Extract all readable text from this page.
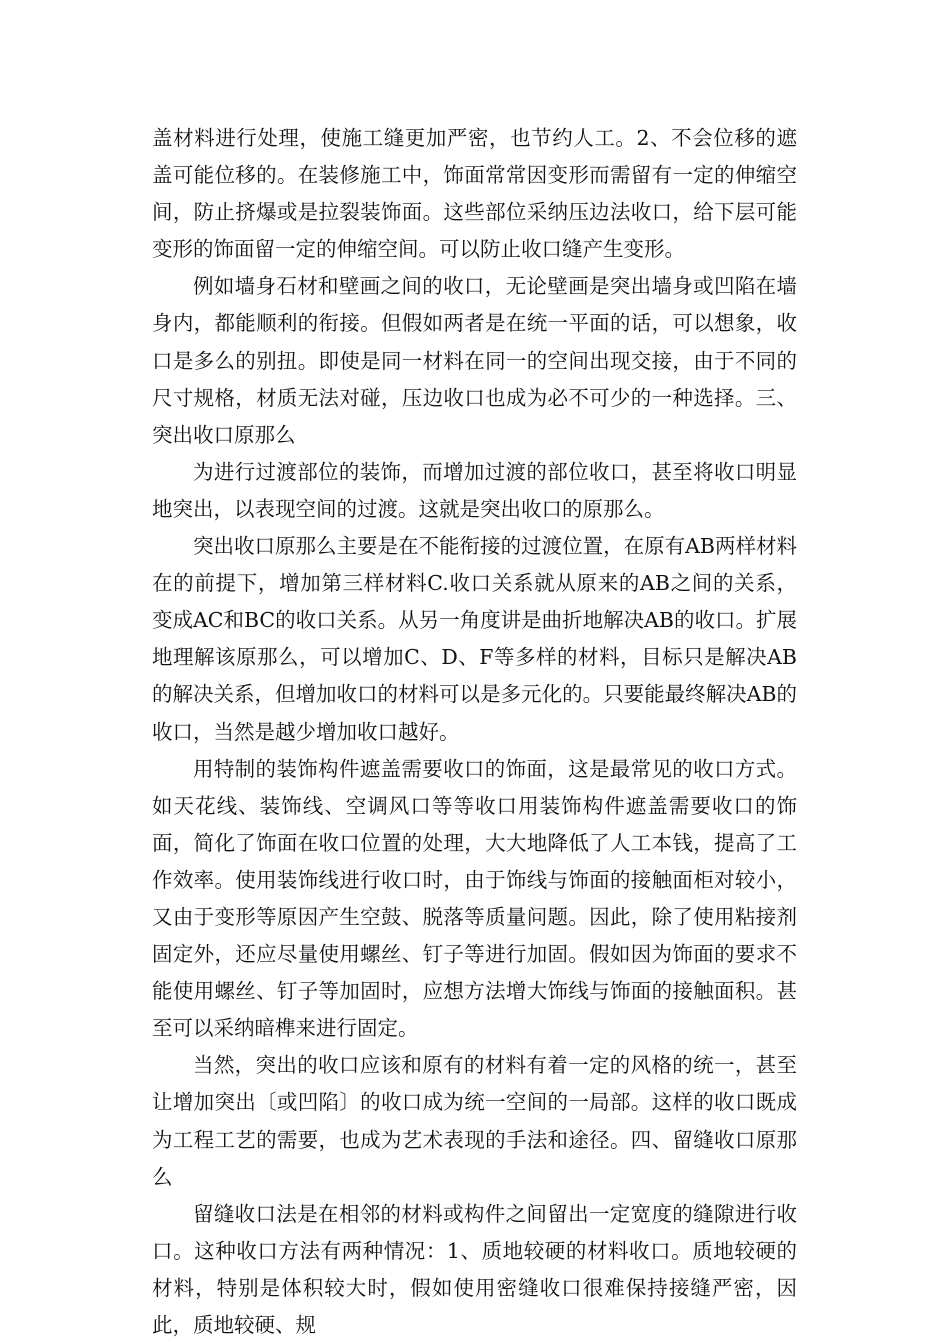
盖材料进行处理，使施工缝更加严密，也节约人工。2、不会位移的遮盖可能位移的。在装修施工中，饰面常常因变形而需留有一定的伸缩空间，防止挤爆或是拉裂装饰面。这些部位采纳压边法收口，给下层可能变形的饰面留一定的伸缩空间。可以防止收口缝产生变形。

例如墙身石材和壁画之间的收口，无论壁画是突出墙身或凹陷在墙身内，都能顺利的衔接。但假如两者是在统一平面的话，可以想象，收口是多么的别扭。即使是同一材料在同一的空间出现交接，由于不同的尺寸规格，材质无法对碰，压边收口也成为必不可少的一种选择。三、突出收口原那么

为进行过渡部位的装饰，而增加过渡的部位收口，甚至将收口明显地突出，以表现空间的过渡。这就是突出收口的原那么。

突出收口原那么主要是在不能衔接的过渡位置，在原有AB两样材料在的前提下，增加第三样材料C.收口关系就从原来的AB之间的关系，变成AC和BC的收口关系。从另一角度讲是曲折地解决AB的收口。扩展地理解该原那么，可以增加C、D、F等多样的材料，目标只是解决AB的解决关系，但增加收口的材料可以是多元化的。只要能最终解决AB的收口，当然是越少增加收口越好。

用特制的装饰构件遮盖需要收口的饰面，这是最常见的收口方式。如天花线、装饰线、空调风口等等收口用装饰构件遮盖需要收口的饰面，简化了饰面在收口位置的处理，大大地降低了人工本钱，提高了工作效率。使用装饰线进行收口时，由于饰线与饰面的接触面柜对较小，又由于变形等原因产生空鼓、脱落等质量问题。因此，除了使用粘接剂固定外，还应尽量使用螺丝、钉子等进行加固。假如因为饰面的要求不能使用螺丝、钉子等加固时，应想方法增大饰线与饰面的接触面积。甚至可以采纳暗榫来进行固定。

当然，突出的收口应该和原有的材料有着一定的风格的统一，甚至让增加突出〔或凹陷〕的收口成为统一空间的一局部。这样的收口既成为工程工艺的需要，也成为艺术表现的手法和途径。四、留缝收口原那么

留缝收口法是在相邻的材料或构件之间留出一定宽度的缝隙进行收口。这种收口方法有两种情况：1、质地较硬的材料收口。质地较硬的材料，特别是体积较大时，假如使用密缝收口很难保持接缝严密，因此，质地较硬、规
